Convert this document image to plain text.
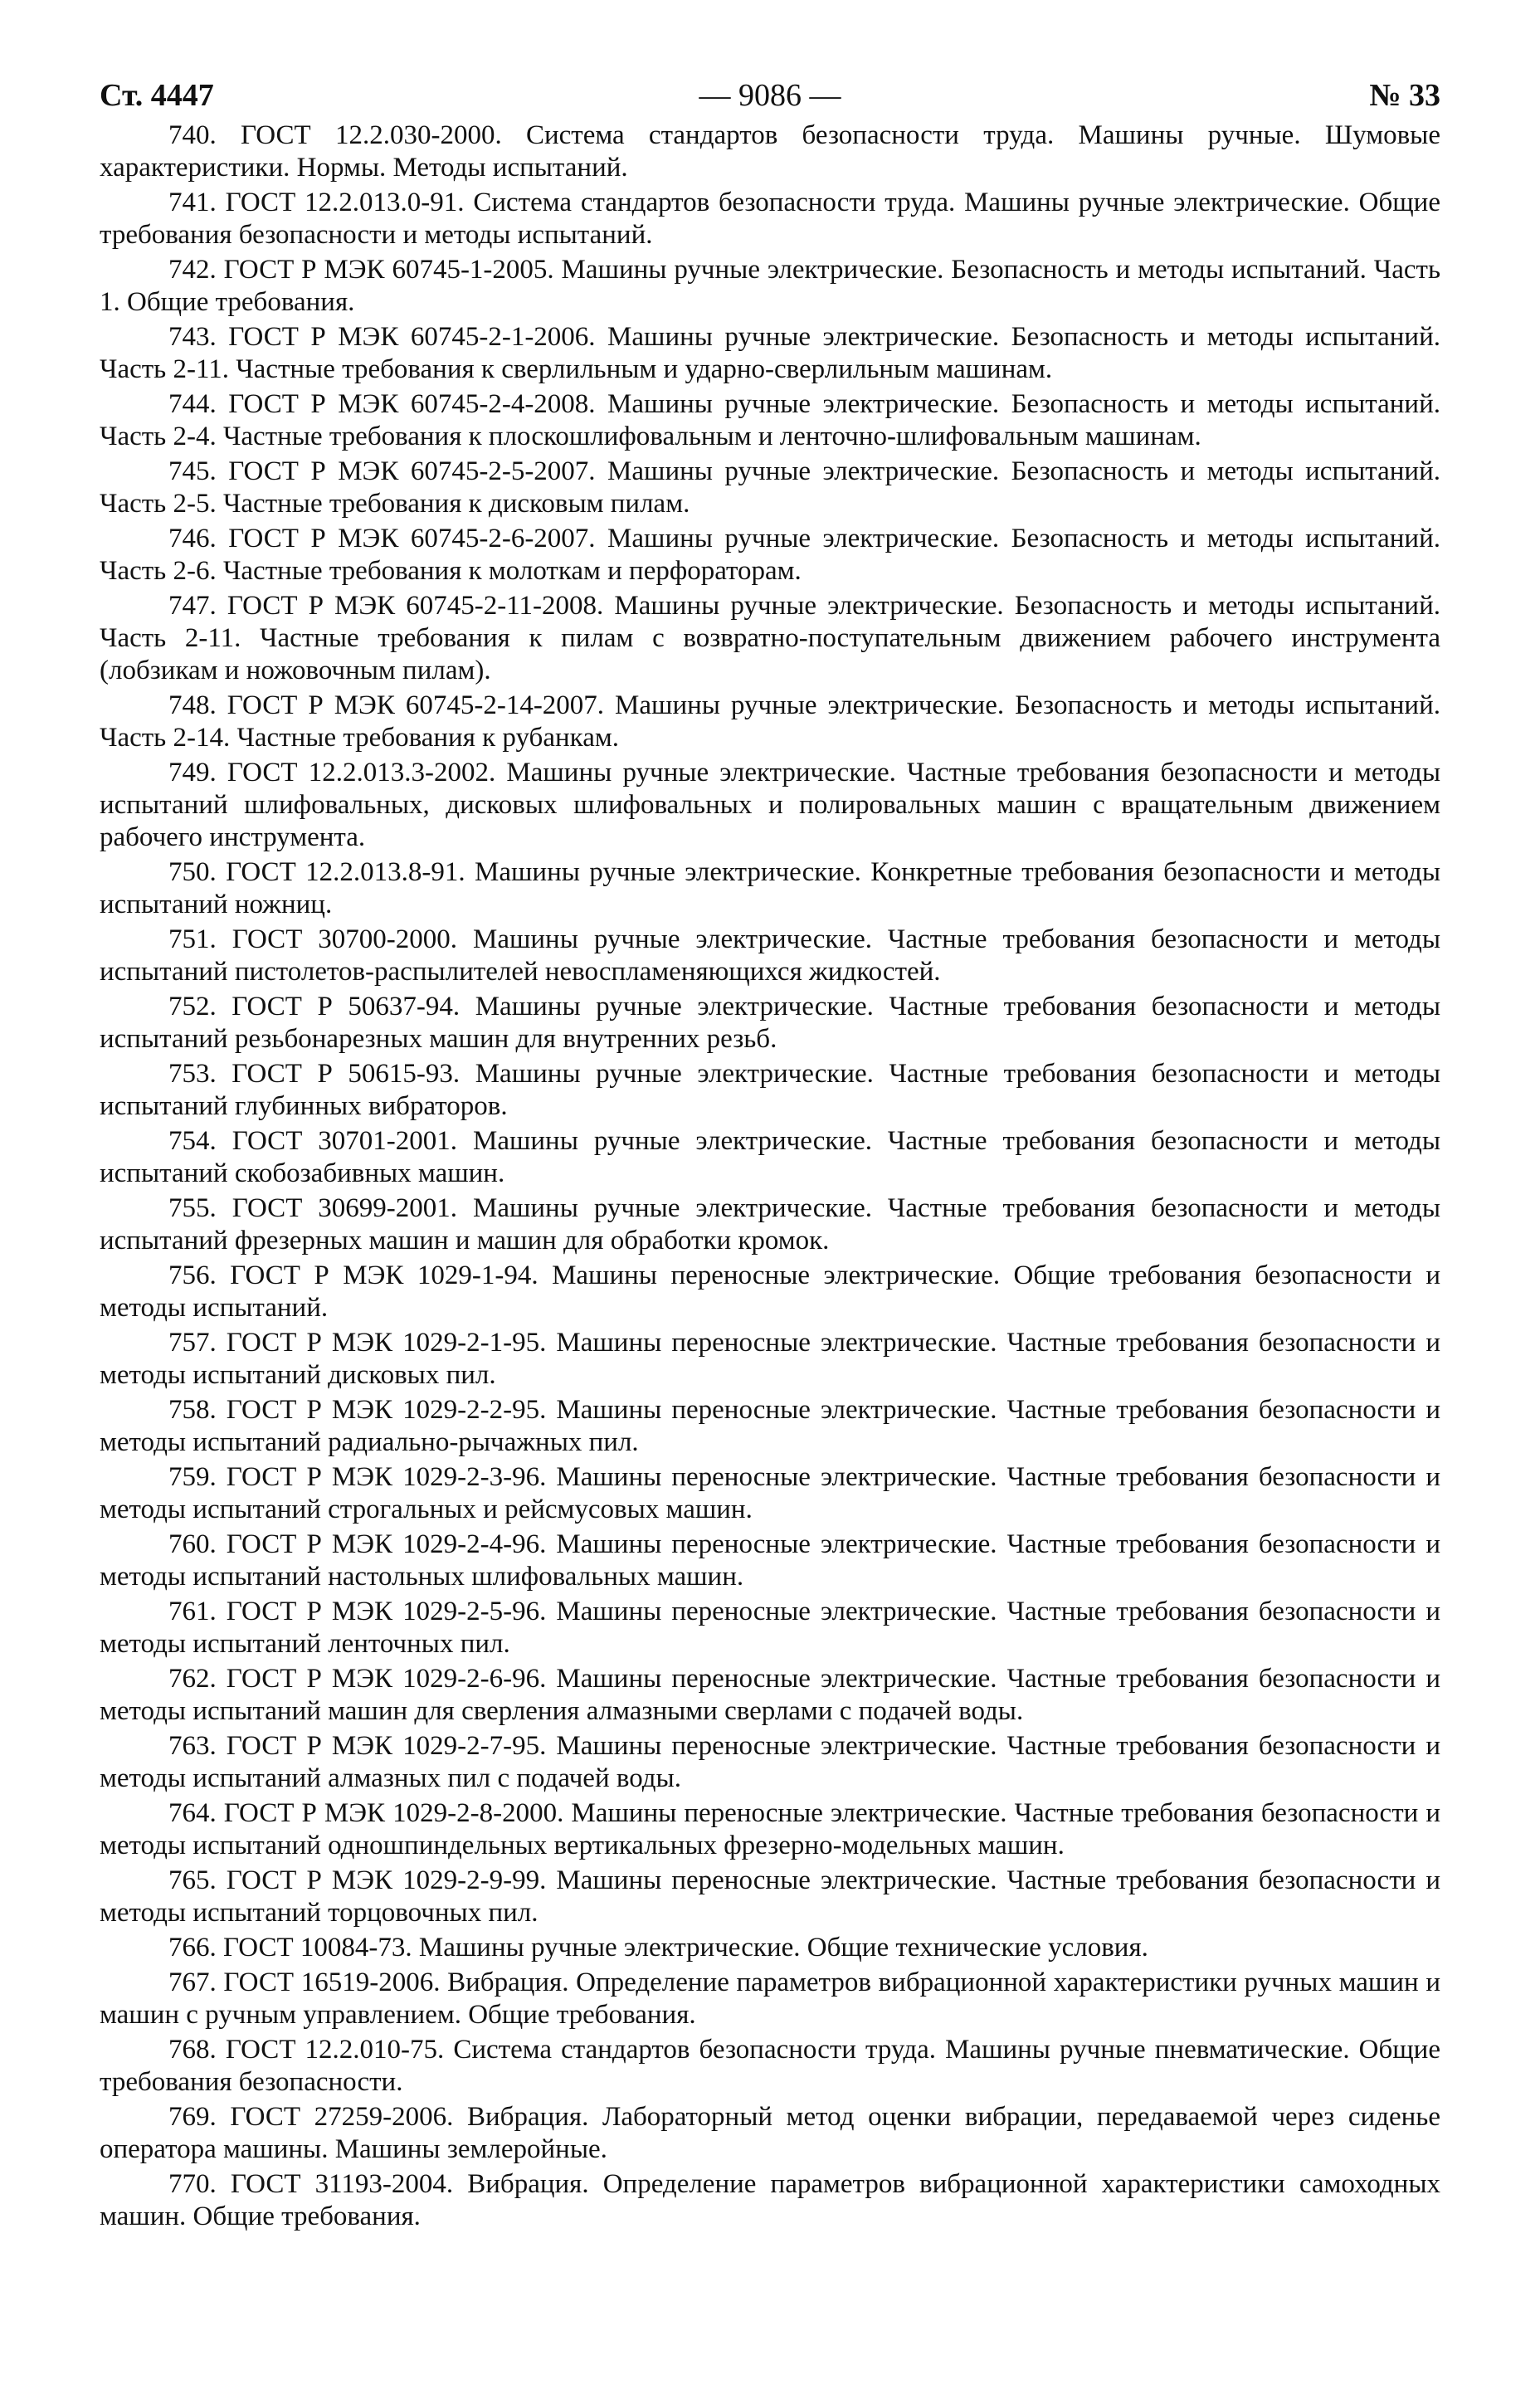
Ст. 4447	— 9086 —	№ 33

740. ГОСТ 12.2.030-2000. Система стандартов безопасности труда. Машины ручные. Шумовые характеристики. Нормы. Методы испытаний.

741. ГОСТ 12.2.013.0-91. Система стандартов безопасности труда. Машины ручные электрические. Общие требования безопасности и методы испытаний.

742. ГОСТ Р МЭК 60745-1-2005. Машины ручные электрические. Безопасность и методы испытаний. Часть 1. Общие требования.

743. ГОСТ Р МЭК 60745-2-1-2006. Машины ручные электрические. Безопасность и методы испытаний. Часть 2-11. Частные требования к сверлильным и ударно-сверлильным машинам.

744. ГОСТ Р МЭК 60745-2-4-2008. Машины ручные электрические. Безопасность и методы испытаний. Часть 2-4. Частные требования к плоскошлифовальным и ленточно-шлифовальным машинам.

745. ГОСТ Р МЭК 60745-2-5-2007. Машины ручные электрические. Безопасность и методы испытаний. Часть 2-5. Частные требования к дисковым пилам.

746. ГОСТ Р МЭК 60745-2-6-2007. Машины ручные электрические. Безопасность и методы испытаний. Часть 2-6. Частные требования к молоткам и перфораторам.

747. ГОСТ Р МЭК 60745-2-11-2008. Машины ручные электрические. Безопасность и методы испытаний. Часть 2-11. Частные требования к пилам с возвратно-поступательным движением рабочего инструмента (лобзикам и ножовочным пилам).

748. ГОСТ Р МЭК 60745-2-14-2007. Машины ручные электрические. Безопасность и методы испытаний. Часть 2-14. Частные требования к рубанкам.

749. ГОСТ 12.2.013.3-2002. Машины ручные электрические. Частные требования безопасности и методы испытаний шлифовальных, дисковых шлифовальных и полировальных машин с вращательным движением рабочего инструмента.

750. ГОСТ 12.2.013.8-91. Машины ручные электрические. Конкретные требования безопасности и методы испытаний ножниц.

751. ГОСТ 30700-2000. Машины ручные электрические. Частные требования безопасности и методы испытаний пистолетов-распылителей невоспламеняющихся жидкостей.

752. ГОСТ Р 50637-94. Машины ручные электрические. Частные требования безопасности и методы испытаний резьбонарезных машин для внутренних резьб.

753. ГОСТ Р 50615-93. Машины ручные электрические. Частные требования безопасности и методы испытаний глубинных вибраторов.

754. ГОСТ 30701-2001. Машины ручные электрические. Частные требования безопасности и методы испытаний скобозабивных машин.

755. ГОСТ 30699-2001. Машины ручные электрические. Частные требования безопасности и методы испытаний фрезерных машин и машин для обработки кромок.

756. ГОСТ Р МЭК 1029-1-94. Машины переносные электрические. Общие требования безопасности и методы испытаний.

757. ГОСТ Р МЭК 1029-2-1-95. Машины переносные электрические. Частные требования безопасности и методы испытаний дисковых пил.

758. ГОСТ Р МЭК 1029-2-2-95. Машины переносные электрические. Частные требования безопасности и методы испытаний радиально-рычажных пил.

759. ГОСТ Р МЭК 1029-2-3-96. Машины переносные электрические. Частные требования безопасности и методы испытаний строгальных и рейсмусовых машин.

760. ГОСТ Р МЭК 1029-2-4-96. Машины переносные электрические. Частные требования безопасности и методы испытаний настольных шлифовальных машин.

761. ГОСТ Р МЭК 1029-2-5-96. Машины переносные электрические. Частные требования безопасности и методы испытаний ленточных пил.

762. ГОСТ Р МЭК 1029-2-6-96. Машины переносные электрические. Частные требования безопасности и методы испытаний машин для сверления алмазными сверлами с подачей воды.

763. ГОСТ Р МЭК 1029-2-7-95. Машины переносные электрические. Частные требования безопасности и методы испытаний алмазных пил с подачей воды.

764. ГОСТ Р МЭК 1029-2-8-2000. Машины переносные электрические. Частные требования безопасности и методы испытаний одношпиндельных вертикальных фрезерно-модельных машин.

765. ГОСТ Р МЭК 1029-2-9-99. Машины переносные электрические. Частные требования безопасности и методы испытаний торцовочных пил.

766. ГОСТ 10084-73. Машины ручные электрические. Общие технические условия.

767. ГОСТ 16519-2006. Вибрация. Определение параметров вибрационной характеристики ручных машин и машин с ручным управлением. Общие требования.

768. ГОСТ 12.2.010-75. Система стандартов безопасности труда. Машины ручные пневматические. Общие требования безопасности.

769. ГОСТ 27259-2006. Вибрация. Лабораторный метод оценки вибрации, передаваемой через сиденье оператора машины. Машины землеройные.

770. ГОСТ 31193-2004. Вибрация. Определение параметров вибрационной характеристики самоходных машин. Общие требования.
